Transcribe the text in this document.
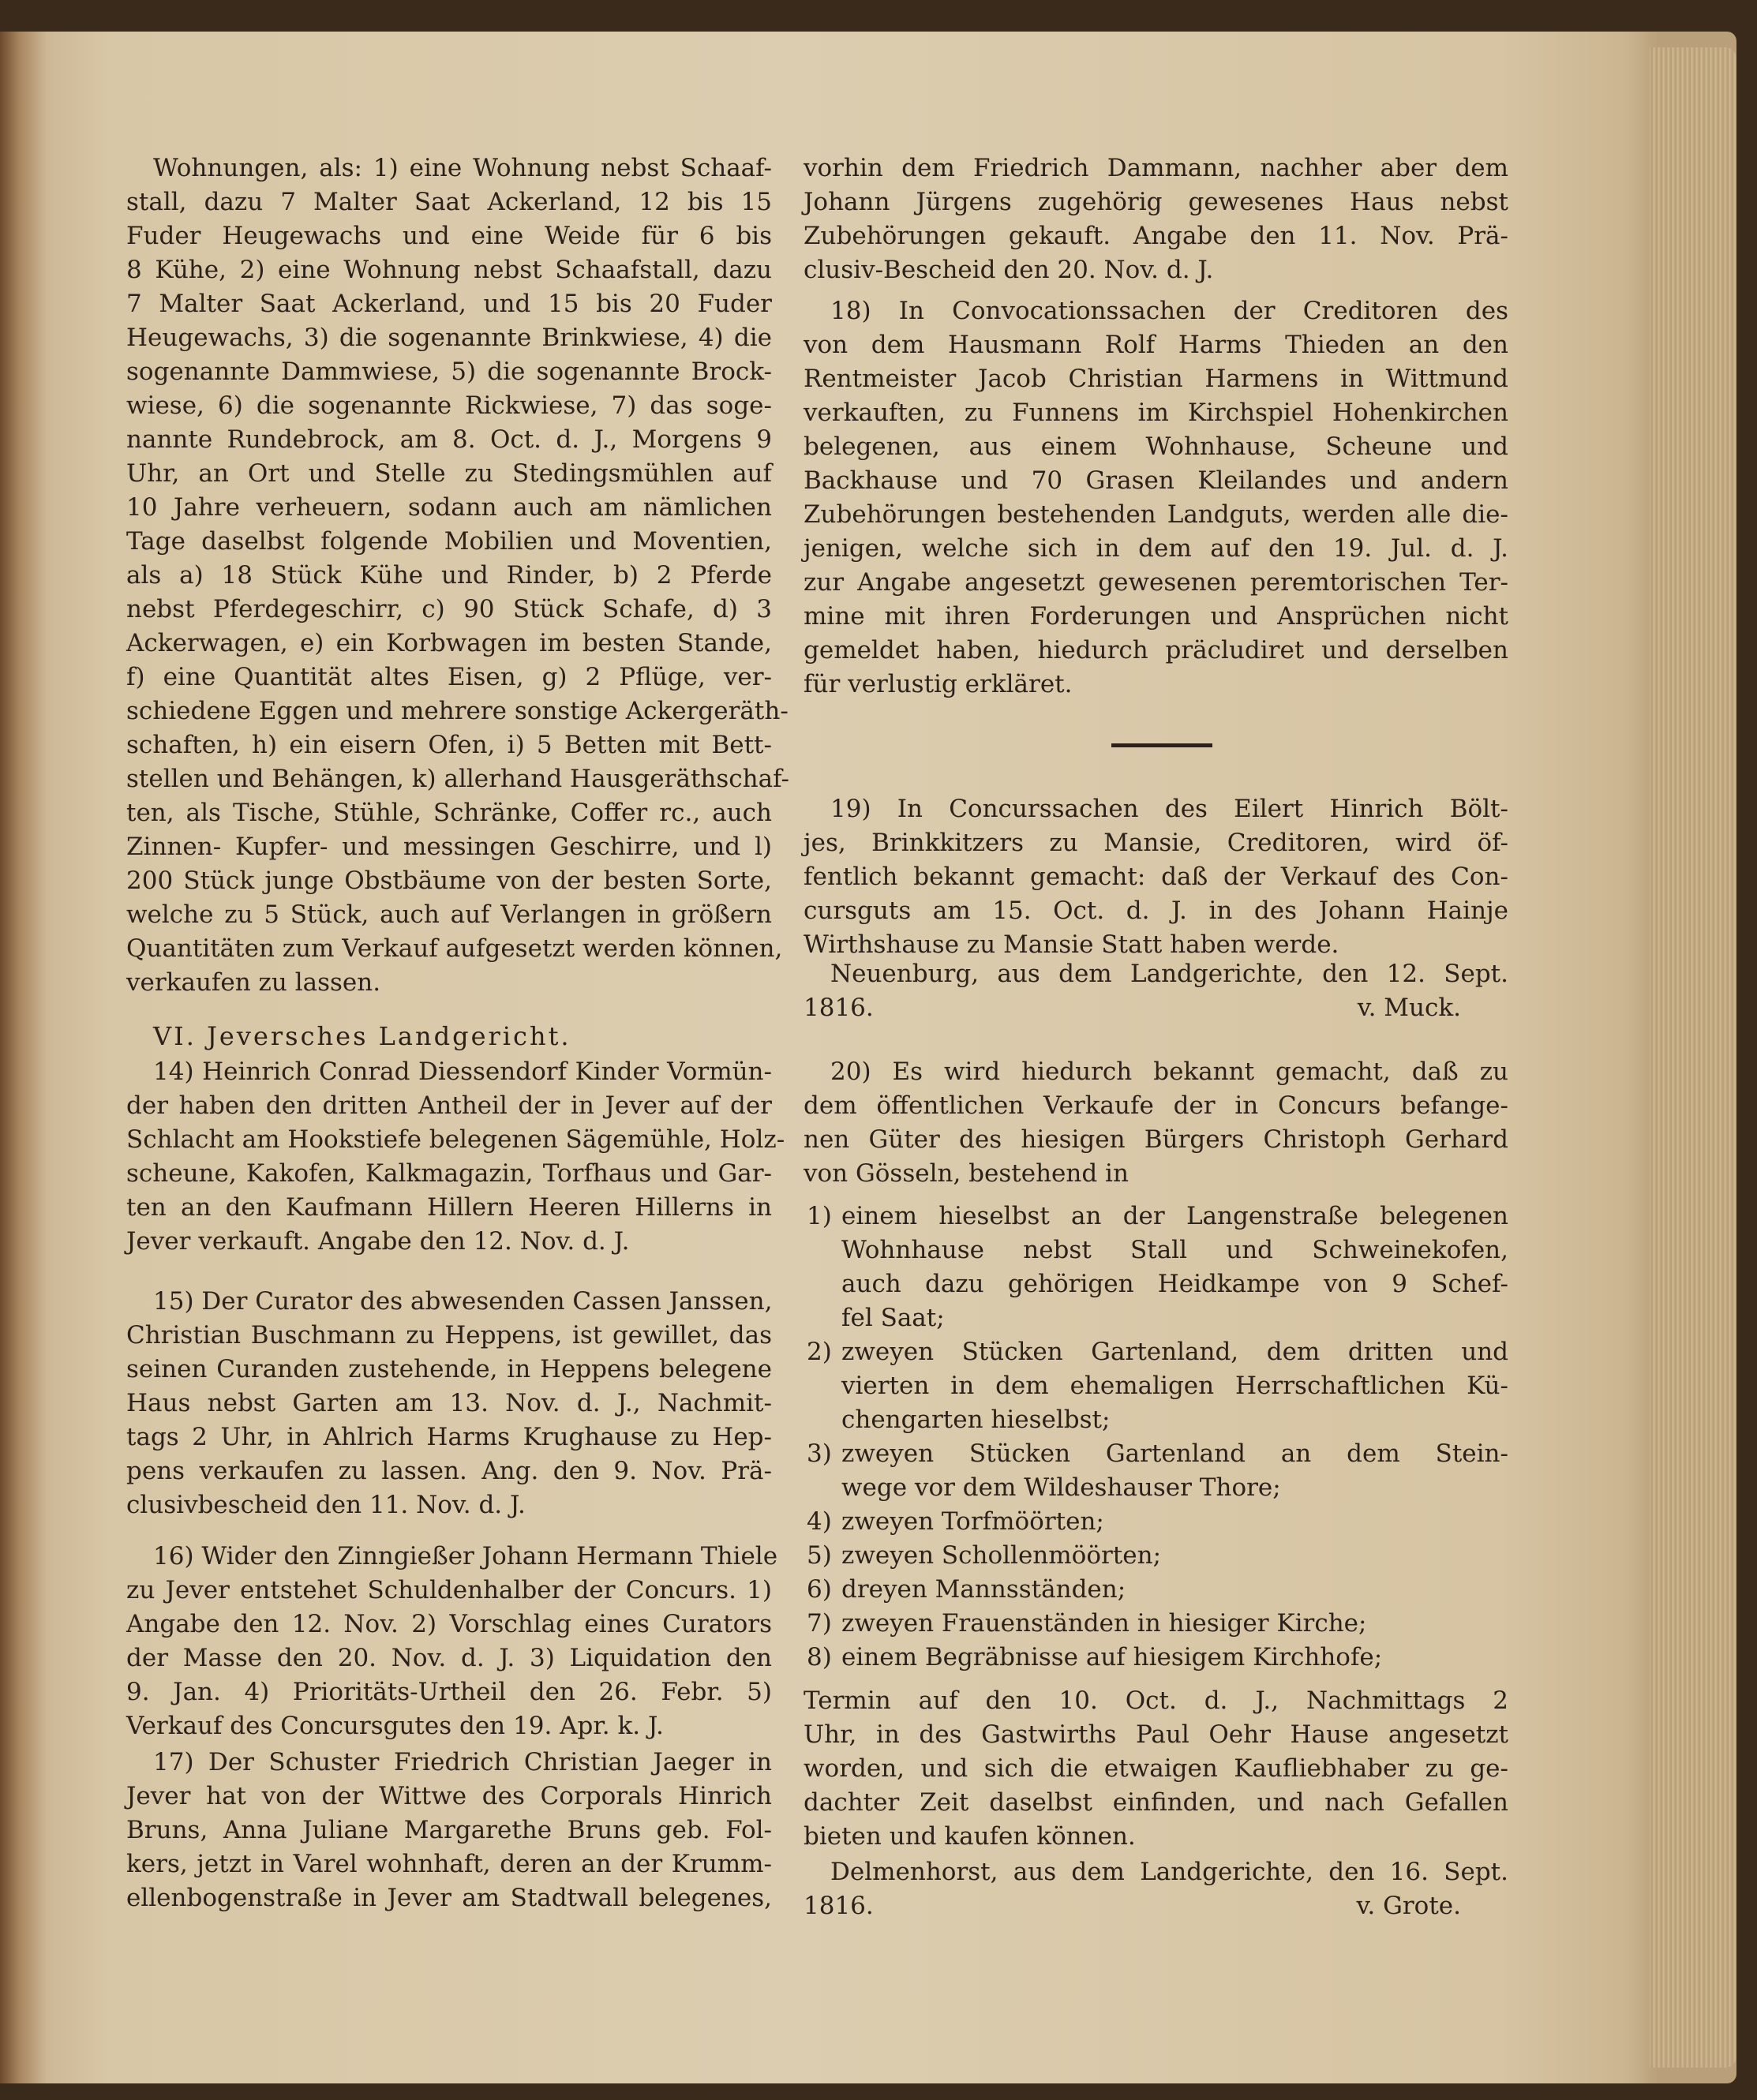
Wohnungen, als: 1) eine Wohnung nebst Schaaf-
stall, dazu 7 Malter Saat Ackerland, 12 bis 15
Fuder Heugewachs und eine Weide für 6 bis
8 Kühe, 2) eine Wohnung nebst Schaafstall, dazu
7 Malter Saat Ackerland, und 15 bis 20 Fuder
Heugewachs, 3) die sogenannte Brinkwiese, 4) die
sogenannte Dammwiese, 5) die sogenannte Brock-
wiese, 6) die sogenannte Rickwiese, 7) das soge-
nannte Rundebrock, am 8. Oct. d. J., Morgens 9
Uhr, an Ort und Stelle zu Stedingsmühlen auf
10 Jahre verheuern, sodann auch am nämlichen
Tage daselbst folgende Mobilien und Moventien,
als a) 18 Stück Kühe und Rinder, b) 2 Pferde
nebst Pferdegeschirr, c) 90 Stück Schafe, d) 3
Ackerwagen, e) ein Korbwagen im besten Stande,
f) eine Quantität altes Eisen, g) 2 Pflüge, ver-
schiedene Eggen und mehrere sonstige Ackergeräth-
schaften, h) ein eisern Ofen, i) 5 Betten mit Bett-
stellen und Behängen, k) allerhand Hausgeräthschaf-
ten, als Tische, Stühle, Schränke, Coffer rc., auch
Zinnen- Kupfer- und messingen Geschirre, und l)
200 Stück junge Obstbäume von der besten Sorte,
welche zu 5 Stück, auch auf Verlangen in größern
Quantitäten zum Verkauf aufgesetzt werden können,
verkaufen zu lassen.
VI. Jeversches Landgericht.
14) Heinrich Conrad Diessendorf Kinder Vormün-
der haben den dritten Antheil der in Jever auf der
Schlacht am Hookstiefe belegenen Sägemühle, Holz-
scheune, Kakofen, Kalkmagazin, Torfhaus und Gar-
ten an den Kaufmann Hillern Heeren Hillerns in
Jever verkauft. Angabe den 12. Nov. d. J.
15) Der Curator des abwesenden Cassen Janssen,
Christian Buschmann zu Heppens, ist gewillet, das
seinen Curanden zustehende, in Heppens belegene
Haus nebst Garten am 13. Nov. d. J., Nachmit-
tags 2 Uhr, in Ahlrich Harms Krughause zu Hep-
pens verkaufen zu lassen. Ang. den 9. Nov. Prä-
clusivbescheid den 11. Nov. d. J.
16) Wider den Zinngießer Johann Hermann Thiele
zu Jever entstehet Schuldenhalber der Concurs. 1)
Angabe den 12. Nov. 2) Vorschlag eines Curators
der Masse den 20. Nov. d. J. 3) Liquidation den
9. Jan. 4) Prioritäts-Urtheil den 26. Febr. 5)
Verkauf des Concursgutes den 19. Apr. k. J.
17) Der Schuster Friedrich Christian Jaeger in
Jever hat von der Wittwe des Corporals Hinrich
Bruns, Anna Juliane Margarethe Bruns geb. Fol-
kers, jetzt in Varel wohnhaft, deren an der Krumm-
ellenbogenstraße in Jever am Stadtwall belegenes,
vorhin dem Friedrich Dammann, nachher aber dem
Johann Jürgens zugehörig gewesenes Haus nebst
Zubehörungen gekauft. Angabe den 11. Nov. Prä-
clusiv-Bescheid den 20. Nov. d. J.
18) In Convocationssachen der Creditoren des
von dem Hausmann Rolf Harms Thieden an den
Rentmeister Jacob Christian Harmens in Wittmund
verkauften, zu Funnens im Kirchspiel Hohenkirchen
belegenen, aus einem Wohnhause, Scheune und
Backhause und 70 Grasen Kleilandes und andern
Zubehörungen bestehenden Landguts, werden alle die-
jenigen, welche sich in dem auf den 19. Jul. d. J.
zur Angabe angesetzt gewesenen peremtorischen Ter-
mine mit ihren Forderungen und Ansprüchen nicht
gemeldet haben, hiedurch präcludiret und derselben
für verlustig erkläret.
19) In Concurssachen des Eilert Hinrich Bölt-
jes, Brinkkitzers zu Mansie, Creditoren, wird öf-
fentlich bekannt gemacht: daß der Verkauf des Con-
cursguts am 15. Oct. d. J. in des Johann Hainje
Wirthshause zu Mansie Statt haben werde.
Neuenburg, aus dem Landgerichte, den 12. Sept.
1816.	v. Muck.
20) Es wird hiedurch bekannt gemacht, daß zu
dem öffentlichen Verkaufe der in Concurs befange-
nen Güter des hiesigen Bürgers Christoph Gerhard
von Gösseln, bestehend in
1) einem hieselbst an der Langenstraße belegenen
Wohnhause nebst Stall und Schweinekofen,
auch dazu gehörigen Heidkampe von 9 Schef-
fel Saat;
2) zweyen Stücken Gartenland, dem dritten und
vierten in dem ehemaligen Herrschaftlichen Kü-
chengarten hieselbst;
3) zweyen Stücken Gartenland an dem Stein-
wege vor dem Wildeshauser Thore;
4) zweyen Torfmöörten;
5) zweyen Schollenmöörten;
6) dreyen Mannsständen;
7) zweyen Frauenständen in hiesiger Kirche;
8) einem Begräbnisse auf hiesigem Kirchhofe;
Termin auf den 10. Oct. d. J., Nachmittags 2
Uhr, in des Gastwirths Paul Oehr Hause angesetzt
worden, und sich die etwaigen Kaufliebhaber zu ge-
dachter Zeit daselbst einfinden, und nach Gefallen
bieten und kaufen können.
Delmenhorst, aus dem Landgerichte, den 16. Sept.
1816.	v. Grote.
